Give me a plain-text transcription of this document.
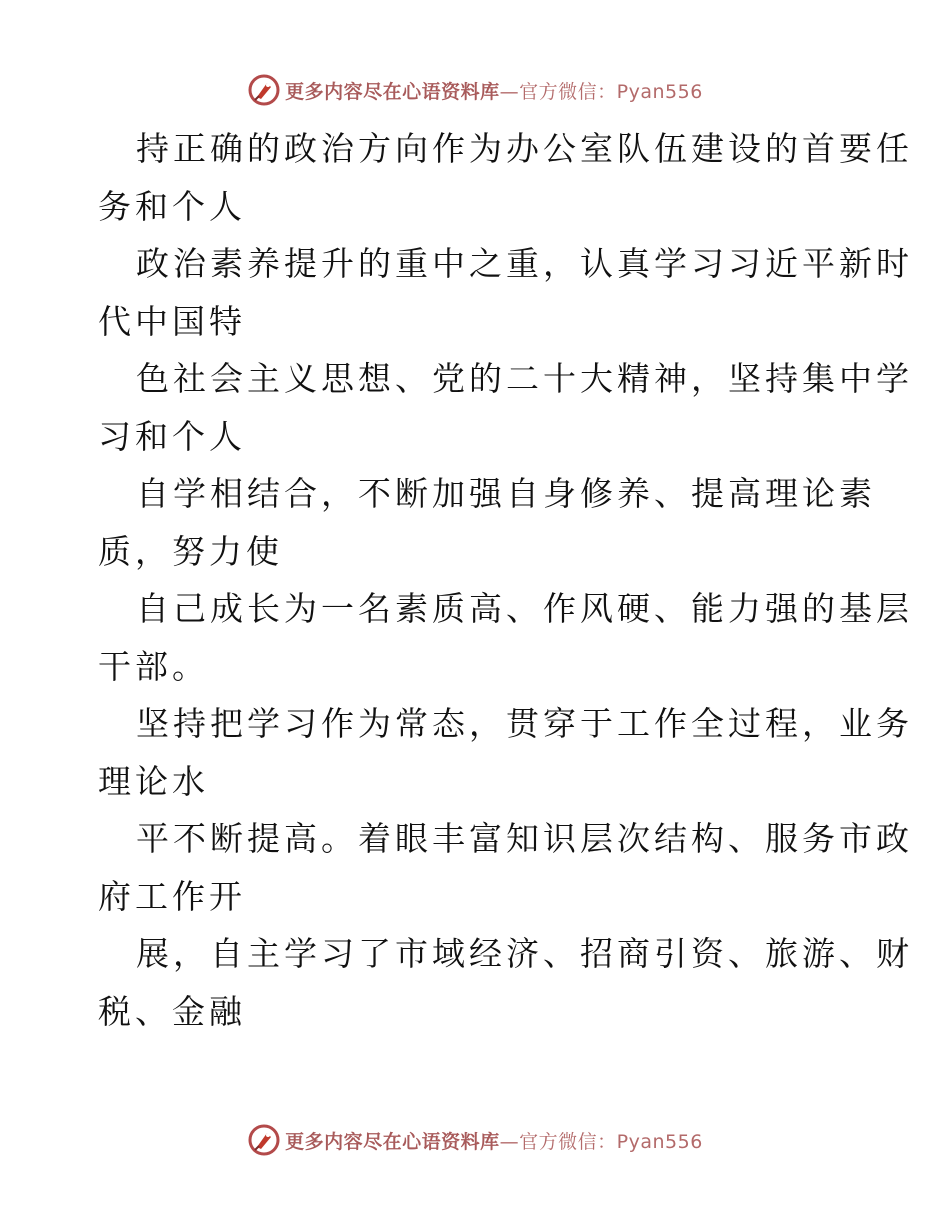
更多内容尽在心语资料库—官方微信：Pyan556
持正确的政治方向作为办公室队伍建设的首要任
务和个人
政治素养提升的重中之重，认真学习习近平新时
代中国特
色社会主义思想、党的二十大精神，坚持集中学
习和个人
自学相结合，不断加强自身修养、提高理论素
质，努力使
自己成长为一名素质高、作风硬、能力强的基层
干部。
坚持把学习作为常态，贯穿于工作全过程，业务
理论水
平不断提高。着眼丰富知识层次结构、服务市政
府工作开
展，自主学习了市域经济、招商引资、旅游、财
税、金融
更多内容尽在心语资料库—官方微信：Pyan556
